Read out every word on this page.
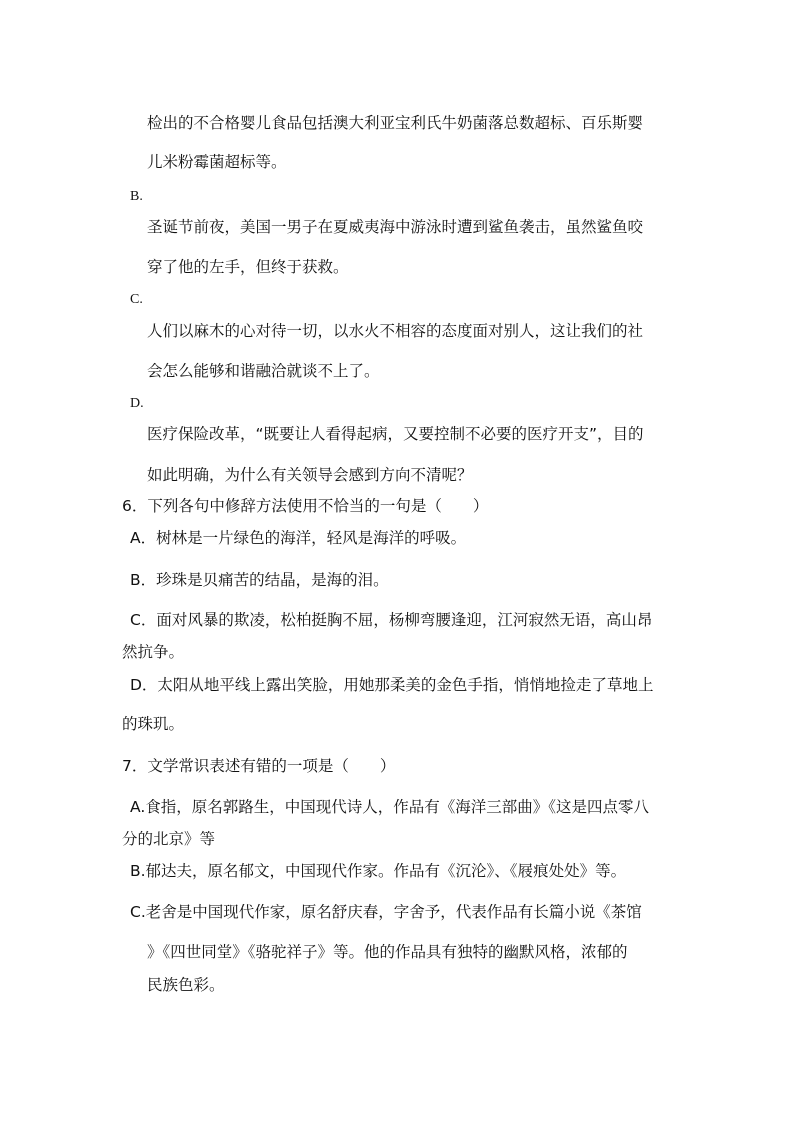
检出的不合格婴儿食品包括澳大利亚宝利氏牛奶菌落总数超标、百乐斯婴
儿米粉霉菌超标等。
B.
圣诞节前夜，美国一男子在夏威夷海中游泳时遭到鲨鱼袭击，虽然鲨鱼咬
穿了他的左手，但终于获救。
C.
人们以麻木的心对待一切，以水火不相容的态度面对别人，这让我们的社
会怎么能够和谐融洽就谈不上了。
D.
医疗保险改革，“既要让人看得起病，又要控制不必要的医疗开支”，目的
如此明确，为什么有关领导会感到方向不清呢？
6．下列各句中修辞方法使用不恰当的一句是（　　）
A．树林是一片绿色的海洋，轻风是海洋的呼吸。
B．珍珠是贝痛苦的结晶，是海的泪。
C．面对风暴的欺凌，松柏挺胸不屈，杨柳弯腰逢迎，江河寂然无语，高山昂
然抗争。
D．太阳从地平线上露出笑脸，用她那柔美的金色手指，悄悄地捡走了草地上
的珠玑。
7．文学常识表述有错的一项是（　　）
A.食指，原名郭路生，中国现代诗人，作品有《海洋三部曲》《这是四点零八
分的北京》等
B.郁达夫，原名郁文，中国现代作家。作品有《沉沦》、《屐痕处处》等。
C.老舍是中国现代作家，原名舒庆春，字舍予，代表作品有长篇小说《茶馆
》《四世同堂》《骆驼祥子》等。他的作品具有独特的幽默风格，浓郁的
民族色彩。
